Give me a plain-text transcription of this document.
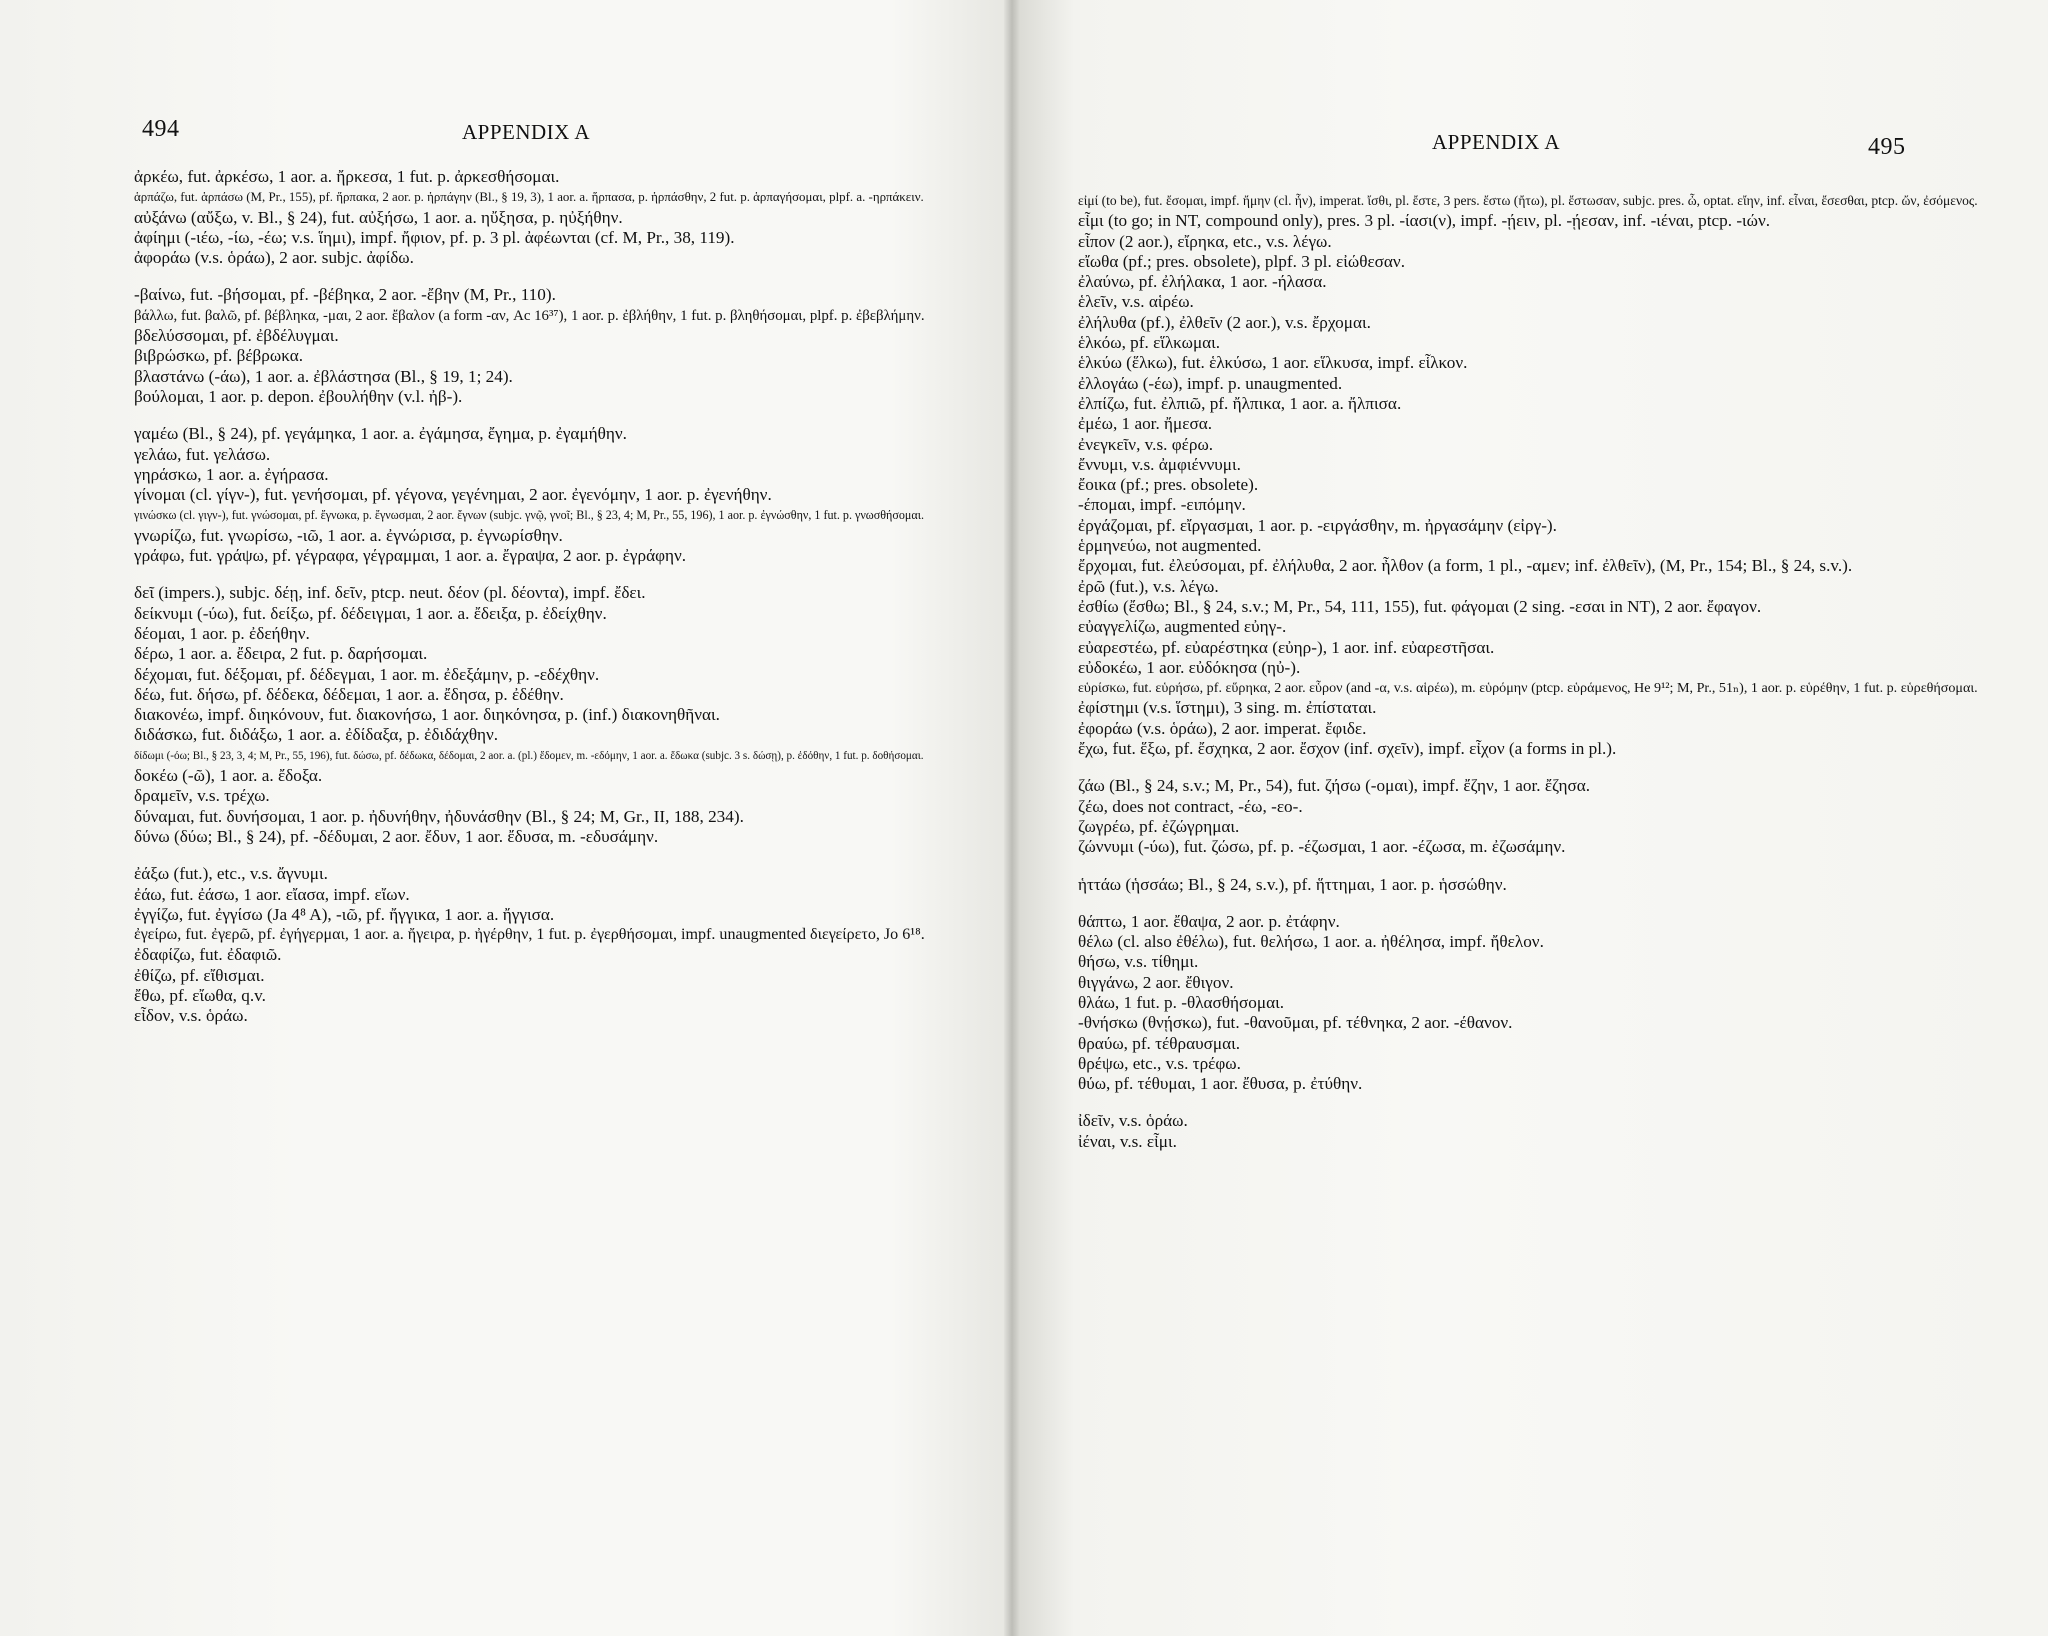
494	APPENDIX A	APPENDIX A	495
ἀρκέω, fut. ἀρκέσω, 1 aor. a. ἤρκεσα, 1 fut. p. ἀρκεσθήσομαι.
ἁρπάζω, fut. ἁρπάσω (M, Pr., 155), pf. ἥρπακα, 2 aor. p. ἡρπάγην (Bl., § 19, 3), 1 aor. a. ἥρπασα, p. ἡρπάσθην, 2 fut. p. ἁρπαγήσομαι, plpf. a. -ηρπάκειν.
αὐξάνω (αὔξω, v. Bl., § 24), fut. αὐξήσω, 1 aor. a. ηὔξησα, p. ηὐξήθην.
ἀφίημι (-ιέω, -ίω, -έω; v.s. ἵημι), impf. ἤφιον, pf. p. 3 pl. ἀφέωνται (cf. M, Pr., 38, 119).
ἀφοράω (v.s. ὁράω), 2 aor. subjc. ἀφίδω.
-βαίνω, fut. -βήσομαι, pf. -βέβηκα, 2 aor. -ἔβην (M, Pr., 110).
βάλλω, fut. βαλῶ, pf. βέβληκα, -μαι, 2 aor. ἔβαλον (a form -αν, Ac 16³⁷), 1 aor. p. ἐβλήθην, 1 fut. p. βληθήσομαι, plpf. p. ἐβεβλήμην.
βδελύσσομαι, pf. ἐβδέλυγμαι.
βιβρώσκω, pf. βέβρωκα.
βλαστάνω (-άω), 1 aor. a. ἐβλάστησα (Bl., § 19, 1; 24).
βούλομαι, 1 aor. p. depon. ἐβουλήθην (v.l. ἠβ-).
γαμέω (Bl., § 24), pf. γεγάμηκα, 1 aor. a. ἐγάμησα, ἔγημα, p. ἐγαμήθην.
γελάω, fut. γελάσω.
γηράσκω, 1 aor. a. ἐγήρασα.
γίνομαι (cl. γίγν-), fut. γενήσομαι, pf. γέγονα, γεγένημαι, 2 aor. ἐγενόμην, 1 aor. p. ἐγενήθην.
γινώσκω (cl. γιγν-), fut. γνώσομαι, pf. ἔγνωκα, p. ἔγνωσμαι, 2 aor. ἔγνων (subjc. γνῷ, γνοῖ; Bl., § 23, 4; M, Pr., 55, 196), 1 aor. p. ἐγνώσθην, 1 fut. p. γνωσθήσομαι.
γνωρίζω, fut. γνωρίσω, -ιῶ, 1 aor. a. ἐγνώρισα, p. ἐγνωρίσθην.
γράφω, fut. γράψω, pf. γέγραφα, γέγραμμαι, 1 aor. a. ἔγραψα, 2 aor. p. ἐγράφην.
δεῖ (impers.), subjc. δέῃ, inf. δεῖν, ptcp. neut. δέον (pl. δέοντα), impf. ἔδει.
δείκνυμι (-ύω), fut. δείξω, pf. δέδειγμαι, 1 aor. a. ἔδειξα, p. ἐδείχθην.
δέομαι, 1 aor. p. ἐδεήθην.
δέρω, 1 aor. a. ἔδειρα, 2 fut. p. δαρήσομαι.
δέχομαι, fut. δέξομαι, pf. δέδεγμαι, 1 aor. m. ἐδεξάμην, p. -εδέχθην.
δέω, fut. δήσω, pf. δέδεκα, δέδεμαι, 1 aor. a. ἔδησα, p. ἐδέθην.
διακονέω, impf. διηκόνουν, fut. διακονήσω, 1 aor. διηκόνησα, p. (inf.) διακονηθῆναι.
διδάσκω, fut. διδάξω, 1 aor. a. ἐδίδαξα, p. ἐδιδάχθην.
δίδωμι (-όω; Bl., § 23, 3, 4; M, Pr., 55, 196), fut. δώσω, pf. δέδωκα, δέδομαι, 2 aor. a. (pl.) ἔδομεν, m. -εδόμην, 1 aor. a. ἔδωκα (subjc. 3 s. δώσῃ), p. ἐδόθην, 1 fut. p. δοθήσομαι.
δοκέω (-ῶ), 1 aor. a. ἔδοξα.
δραμεῖν, v.s. τρέχω.
δύναμαι, fut. δυνήσομαι, 1 aor. p. ἠδυνήθην, ἠδυνάσθην (Bl., § 24; M, Gr., II, 188, 234).
δύνω (δύω; Bl., § 24), pf. -δέδυμαι, 2 aor. ἔδυν, 1 aor. ἔδυσα, m. -εδυσάμην.
ἐάξω (fut.), etc., v.s. ἄγνυμι.
ἐάω, fut. ἐάσω, 1 aor. εἴασα, impf. εἴων.
ἐγγίζω, fut. ἐγγίσω (Ja 4⁸ A), -ιῶ, pf. ἤγγικα, 1 aor. a. ἤγγισα.
ἐγείρω, fut. ἐγερῶ, pf. ἐγήγερμαι, 1 aor. a. ἤγειρα, p. ἠγέρθην, 1 fut. p. ἐγερθήσομαι, impf. unaugmented διεγείρετο, Jo 6¹⁸.
ἐδαφίζω, fut. ἐδαφιῶ.
ἐθίζω, pf. εἴθισμαι.
ἔθω, pf. εἴωθα, q.v.
εἶδον, v.s. ὁράω.
εἰμί (to be), fut. ἔσομαι, impf. ἤμην (cl. ἦν), imperat. ἴσθι, pl. ἔστε, 3 pers. ἔστω (ἤτω), pl. ἔστωσαν, subjc. pres. ὦ, optat. εἴην, inf. εἶναι, ἔσεσθαι, ptcp. ὤν, ἐσόμενος.
εἶμι (to go; in NT, compound only), pres. 3 pl. -ίασι(ν), impf. -ῄειν, pl. -ῄεσαν, inf. -ιέναι, ptcp. -ιών.
εἶπον (2 aor.), εἴρηκα, etc., v.s. λέγω.
εἴωθα (pf.; pres. obsolete), plpf. 3 pl. εἰώθεσαν.
ἐλαύνω, pf. ἐλήλακα, 1 aor. -ήλασα.
ἑλεῖν, v.s. αἱρέω.
ἐλήλυθα (pf.), ἐλθεῖν (2 aor.), v.s. ἔρχομαι.
ἑλκόω, pf. εἵλκωμαι.
ἑλκύω (ἕλκω), fut. ἑλκύσω, 1 aor. εἵλκυσα, impf. εἷλκον.
ἐλλογάω (-έω), impf. p. unaugmented.
ἐλπίζω, fut. ἐλπιῶ, pf. ἤλπικα, 1 aor. a. ἤλπισα.
ἐμέω, 1 aor. ἤμεσα.
ἐνεγκεῖν, v.s. φέρω.
ἔννυμι, v.s. ἀμφιέννυμι.
ἔοικα (pf.; pres. obsolete).
-έπομαι, impf. -ειπόμην.
ἐργάζομαι, pf. εἴργασμαι, 1 aor. p. -ειργάσθην, m. ἠργασάμην (εἰργ-).
ἑρμηνεύω, not augmented.
ἔρχομαι, fut. ἐλεύσομαι, pf. ἐλήλυθα, 2 aor. ἦλθον (a form, 1 pl., -αμεν; inf. ἐλθεῖν), (M, Pr., 154; Bl., § 24, s.v.).
ἐρῶ (fut.), v.s. λέγω.
ἐσθίω (ἔσθω; Bl., § 24, s.v.; M, Pr., 54, 111, 155), fut. φάγομαι (2 sing. -εσαι in NT), 2 aor. ἔφαγον.
εὐαγγελίζω, augmented εὐηγ-.
εὐαρεστέω, pf. εὐαρέστηκα (εὐηρ-), 1 aor. inf. εὐαρεστῆσαι.
εὐδοκέω, 1 aor. εὐδόκησα (ηὐ-).
εὑρίσκω, fut. εὑρήσω, pf. εὕρηκα, 2 aor. εὗρον (and -α, v.s. αἱρέω), m. εὑρόμην (ptcp. εὑράμενος, He 9¹²; M, Pr., 51ₙ), 1 aor. p. εὑρέθην, 1 fut. p. εὑρεθήσομαι.
ἐφίστημι (v.s. ἵστημι), 3 sing. m. ἐπίσταται.
ἐφοράω (v.s. ὁράω), 2 aor. imperat. ἔφιδε.
ἔχω, fut. ἕξω, pf. ἔσχηκα, 2 aor. ἔσχον (inf. σχεῖν), impf. εἶχον (a forms in pl.).
ζάω (Bl., § 24, s.v.; M, Pr., 54), fut. ζήσω (-ομαι), impf. ἔζην, 1 aor. ἔζησα.
ζέω, does not contract, -έω, -εο-.
ζωγρέω, pf. ἐζώγρημαι.
ζώννυμι (-ύω), fut. ζώσω, pf. p. -έζωσμαι, 1 aor. -έζωσα, m. ἐζωσάμην.
ἡττάω (ἡσσάω; Bl., § 24, s.v.), pf. ἥττημαι, 1 aor. p. ἡσσώθην.
θάπτω, 1 aor. ἔθαψα, 2 aor. p. ἐτάφην.
θέλω (cl. also ἐθέλω), fut. θελήσω, 1 aor. a. ἠθέλησα, impf. ἤθελον.
θήσω, v.s. τίθημι.
θιγγάνω, 2 aor. ἔθιγον.
θλάω, 1 fut. p. -θλασθήσομαι.
-θνήσκω (θνῄσκω), fut. -θανοῦμαι, pf. τέθνηκα, 2 aor. -έθανον.
θραύω, pf. τέθραυσμαι.
θρέψω, etc., v.s. τρέφω.
θύω, pf. τέθυμαι, 1 aor. ἔθυσα, p. ἐτύθην.
ἰδεῖν, v.s. ὁράω.
ἰέναι, v.s. εἶμι.
